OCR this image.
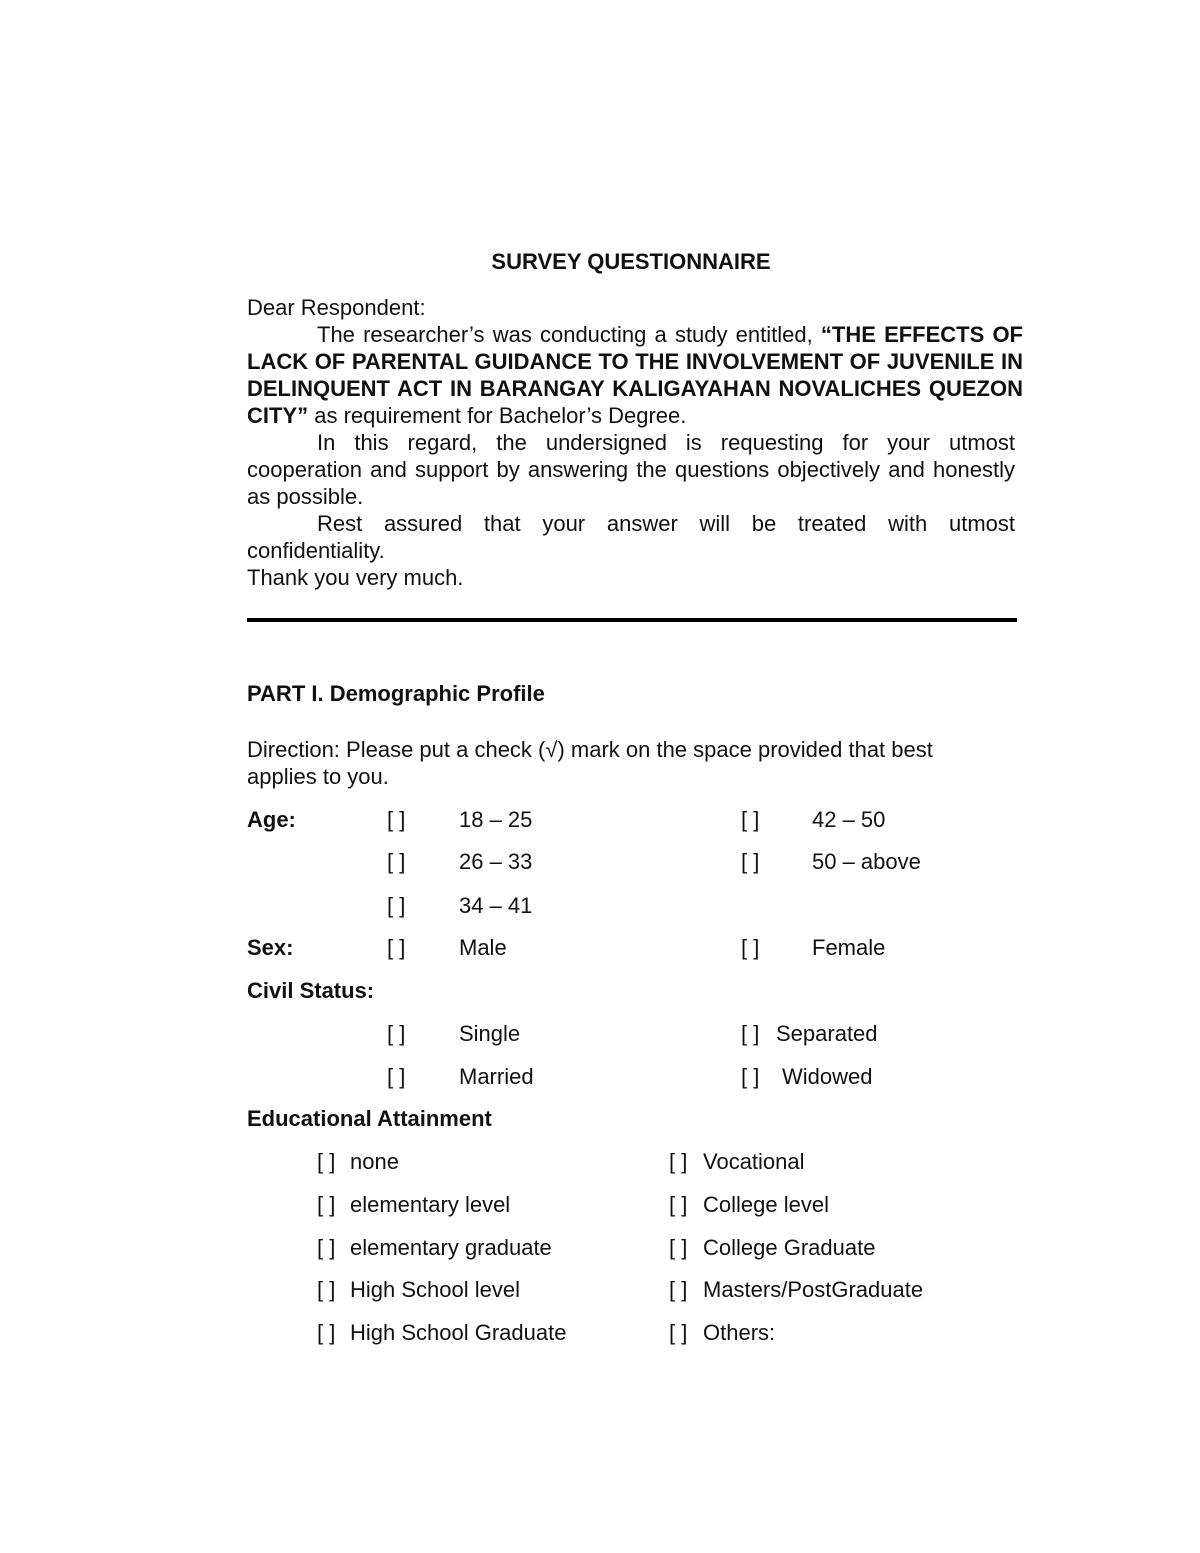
SURVEY QUESTIONNAIRE
Dear Respondent:
The researcher’s was conducting a study entitled, “THE EFFECTS OF LACK OF PARENTAL GUIDANCE TO THE INVOLVEMENT OF JUVENILE IN DELINQUENT ACT IN BARANGAY KALIGAYAHAN NOVALICHES QUEZON CITY” as requirement for Bachelor’s Degree.
In this regard, the undersigned is requesting for your utmost cooperation and support by answering the questions objectively and honestly as possible.
Rest assured that your answer will be treated with utmost confidentiality.
Thank you very much.
PART I. Demographic Profile
Direction: Please put a check (√) mark on the space provided that best applies to you.
Age:	[ ] 18 – 25	[ ] 42 – 50
[ ] 26 – 33	[ ] 50 – above
[ ] 34 – 41
Sex:	[ ] Male	[ ] Female
Civil Status:
[ ] Single	[ ] Separated
[ ] Married	[ ] Widowed
Educational Attainment
[ ] none	[ ] Vocational
[ ] elementary level	[ ] College level
[ ] elementary graduate	[ ] College Graduate
[ ] High School level	[ ] Masters/PostGraduate
[ ] High School Graduate	[ ] Others:
